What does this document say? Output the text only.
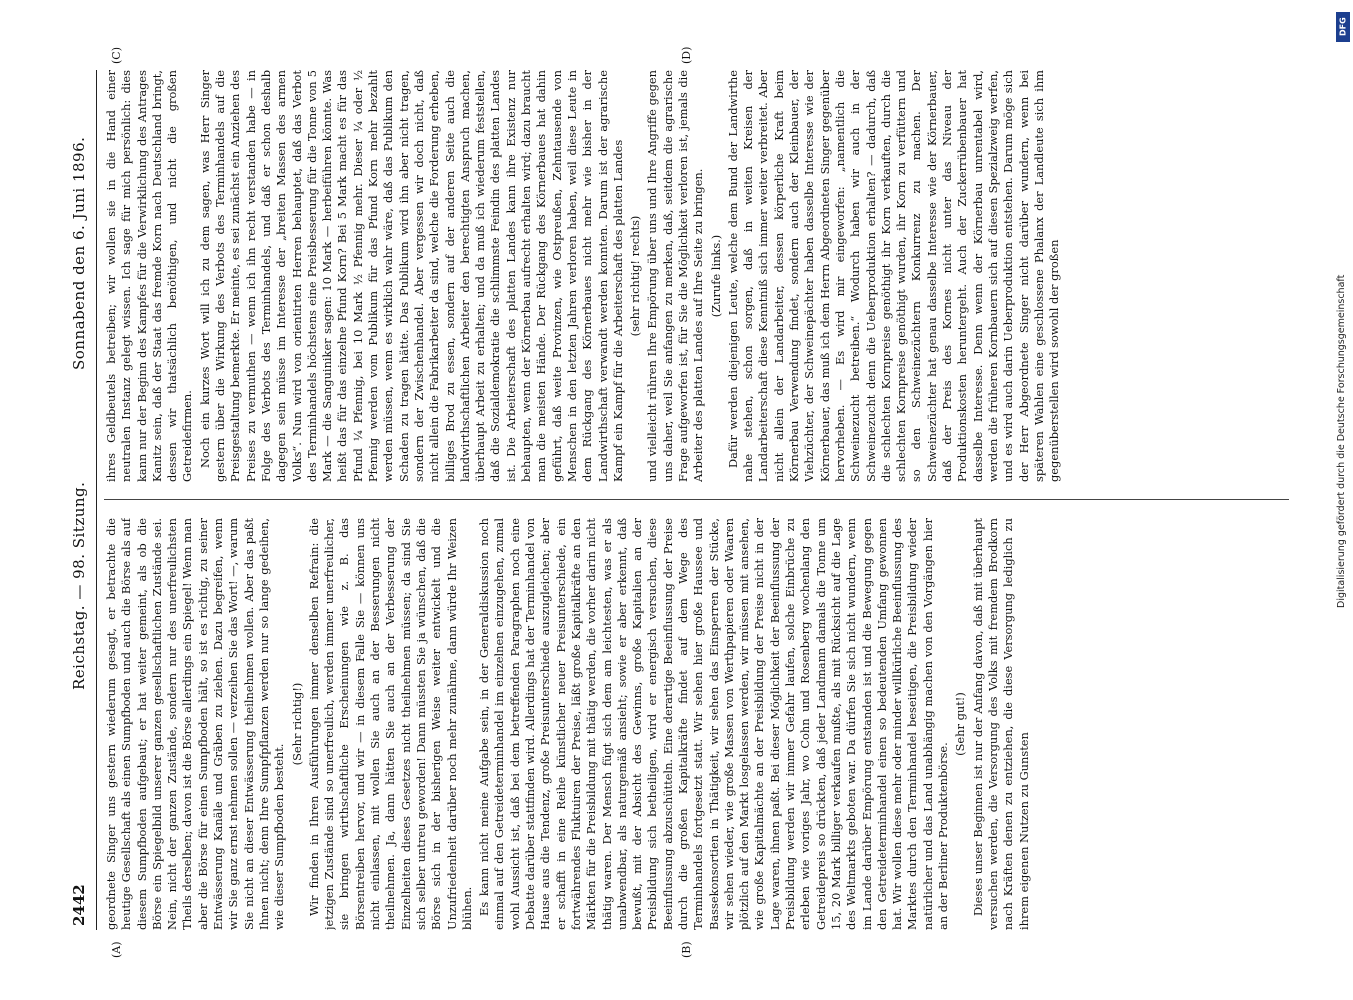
2442
Reichstag. — 98. Sitzung.
Sonnabend den 6. Juni 1896.
(A)	(B)
(C)	(D)

geordnete Singer uns gestern wiederum gesagt, er betrachte die heutige Gesellschaft als einen Sumpfboden und auch die Börse als auf diesem Sumpfboden aufgebaut; er hat weiter gemeint, als ob die Börse ein Spiegelbild unserer ganzen gesellschaftlichen Zustände sei. Nein, nicht der ganzen Zustände, sondern nur des unerfreulichsten Theils derselben; davon ist die Börse allerdings ein Spiegel! Wenn man aber die Börse für einen Sumpfboden hält, so ist es richtig, zu seiner Entwässerung Kanäle und Gräben zu ziehen. Dazu begreifen, wenn wir Sie ganz ernst nehmen sollen — verzeihen Sie das Wort! —, warum Sie nicht an dieser Entwässerung theilnehmen wollen. Aber das paßt Ihnen nicht; denn Ihre Sumpfpflanzen werden nur so lange gedeihen, wie dieser Sumpfboden besteht.

(Sehr richtig!) Wir finden in Ihren Ausführungen immer denselben Refrain: die jetzigen Zustände sind so unerfreulich, werden immer unerfreulicher, sie bringen wirthschaftliche Erscheinungen wie z. B. das Börsentreiben hervor, und wir — in diesem Falle Sie — können uns nicht einlassen, mit wollen Sie auch an der Besserungen nicht theilnehmen. Ja, dann hätten Sie auch an der Verbesserung der Einzelheiten dieses Gesetzes nicht theilnehmen müssen; da sind Sie sich selber untreu geworden! Dann müssten Sie ja wünschen, daß die Börse sich in der bisherigen Weise weiter entwickelt und die Unzufriedenheit darüber noch mehr zunähme, dann würde Ihr Weizen blühen. Es kann nicht meine Aufgabe sein, in der Generaldiskussion noch einmal auf den Getreideterminhandel im einzelnen einzugehen, zumal wohl Aussicht ist, daß bei dem betreffenden Paragraphen noch eine Debatte darüber stattfinden wird. Allerdings hat der Terminhandel von Hause aus die Tendenz, große Preisunterschiede auszugleichen; aber er schafft in eine Reihe künstlicher neuer Preisunterschiede, ein fortwährendes Fluktuiren der Preise, läßt große Kapitalkräfte an den Märkten für die Preisbildung mit thätig werden, die vorher darin nicht thätig waren. Der Mensch fügt sich dem am leichtesten, was er als unabwendbar, als naturgemäß ansieht; sowie er aber erkennt, daß bewußt, mit der Absicht des Gewinns, große Kapitalien an der Preisbildung sich betheiligen, wird er energisch versuchen, diese Beeinflussung abzuschütteln. Eine derartige Beeinflussung der Preise durch die großen Kapitalkräfte findet auf dem Wege des Terminhandels fortgesetzt statt. Wir sehen hier große Haussee und Bassekonsortien in Thätigkeit, wir sehen das Einsperren der Stücke, wir sehen wieder, wie große Massen von Werthpapieren oder Waaren plötzlich auf den Markt losgelassen werden, wir müssen mit ansehen, wie große Kapitalmächte an der Preisbildung der Preise nicht in der Lage waren, ihnen paßt. Bei dieser Möglichkeit der Beeinflussung der Preisbildung werden wir immer Gefahr laufen, solche Einbrüche zu erleben wie voriges Jahr, wo Cohn und Rosenberg wochenlang den Getreidepreis so drückten, daß jeder Landmann damals die Tonne um 15, 20 Mark billiger verkaufen mußte, als mit Rücksicht auf die Lage des Weltmarkts geboten war. Da dürfen Sie sich nicht wundern, wenn im Lande darüber Empörung entstanden ist und die Bewegung gegen den Getreideterminhandel einen so bedeutenden Umfang gewonnen hat. Wir wollen diese mehr oder minder willkürliche Beeinflussung des Marktes durch den Terminhandel beseitigen, die Preisbildung wieder natürlicher und das Land unabhängig machen von den Vorgängen hier an der Berliner Produktenbörse.

(Sehr gut!) Dieses unser Beginnen ist nur der Anfang davon, daß mit überhaupt versuchen werden, die Versorgung des Volks mit fremdem Brodkorn nach Kräften denen zu entziehen, die diese Versorgung lediglich zu ihrem eigenen Nutzen zu Gunsten

ihres Geldbeutels betreiben; wir wollen sie in die Hand einer neutralen Instanz gelegt wissen. Ich sage für mich persönlich: dies kann nur der Beginn des Kampfes für die Verwirklichung des Antrages Kanitz sein, daß der Staat das fremde Korn nach Deutschland bringt, dessen wir thatsächlich benöthigen, und nicht die großen Getreidefirmen. Noch ein kurzes Wort will ich zu dem sagen, was Herr Singer gestern über die Wirkung des Verbots des Terminhandels auf die Preisgestaltung bemerkte. Er meinte, es sei zunächst ein Anziehen des Preises zu vermuthen — wenn ich ihn recht verstanden habe — in Folge des Verbots des Terminhandels, und daß er schon deshalb dagegen sein müsse im Interesse der „breiten Massen des armen Volks“. Nun wird von orientirten Herren behauptet, daß das Verbot des Terminhandels höchstens eine Preisbesserung für die Tonne von 5 Mark — die Sanguiniker sagen: 10 Mark — herbeiführen könnte. Was heißt das für das einzelne Pfund Korn? Bei 5 Mark macht es für das Pfund ¼ Pfennig, bei 10 Mark ½ Pfennig mehr. Dieser ¼ oder ½ Pfennig werden vom Publikum für das Pfund Korn mehr bezahlt werden müssen, wenn es wirklich wahr wäre, daß das Publikum den Schaden zu tragen hätte. Das Publikum wird ihn aber nicht tragen, sondern der Zwischenhandel. Aber vergessen wir doch nicht, daß nicht allein die Fabrikarbeiter da sind, welche die Forderung erheben, billiges Brod zu essen, sondern auf der anderen Seite auch die landwirthschaftlichen Arbeiter den berechtigten Anspruch machen, überhaupt Arbeit zu erhalten; und da muß ich wiederum feststellen, daß die Sozialdemokratie die schlimmste Feindin des platten Landes ist. Die Arbeiterschaft des platten Landes kann ihre Existenz nur behaupten, wenn der Körnerbau aufrecht erhalten wird; dazu braucht man die meisten Hände. Der Rückgang des Körnerbaues hat dahin geführt, daß weite Provinzen, wie Ostpreußen, Zehntausende von Menschen in den letzten Jahren verloren haben, weil diese Leute in dem Rückgang des Körnerbaues nicht mehr wie bisher in der Landwirthschaft verwandt werden konnten. Darum ist der agrarische Kampf ein Kampf für die Arbeiterschaft des platten Landes (sehr richtig! rechts) und vielleicht rühren Ihre Empörung über uns und Ihre Angriffe gegen uns daher, weil Sie anfangen zu merken, daß, seitdem die agrarische Frage aufgeworfen ist, für Sie die Möglichkeit verloren ist, jemals die Arbeiter des platten Landes auf Ihre Seite zu bringen. (Zurufe links.) Dafür werden diejenigen Leute, welche dem Bund der Landwirthe nahe stehen, schon sorgen, daß in weiten Kreisen der Landarbeiterschaft diese Kenntniß sich immer weiter verbreitet. Aber nicht allein der Landarbeiter, dessen körperliche Kraft beim Körnerbau Verwendung findet, sondern auch der Kleinbauer, der Viehzüchter, der Schweinepächter haben dasselbe Interesse wie der Körnerbauer, das muß ich dem Herrn Abgeordneten Singer gegenüber hervorheben. — Es wird mir eingeworfen: „namentlich die Schweinezucht betreiben.“ Wodurch haben wir auch in der Schweinezucht denn die Ueberproduktion erhalten? — dadurch, daß die schlechten Kornpreise genöthigt ihr Korn verkauften, durch die schlechten Kornpreise genöthigt wurden, ihr Korn zu verfüttern und so den Schweinezüchtern Konkurrenz zu machen. Der Schweinezüchter hat genau dasselbe Interesse wie der Körnerbauer, daß der Preis des Kornes nicht unter das Niveau der Produktionskosten heruntergeht. Auch der Zuckerrübenbauer hat dasselbe Interesse. Denn wenn der Körnerbau unrentabel wird, werden die früheren Kornbauern sich auf diesen Spezialzweig werfen, und es wird auch darin Ueberproduktion entstehen. Darum möge sich der Herr Abgeordnete Singer nicht darüber wundern, wenn bei späteren Wahlen eine geschlossene Phalanx der Landleute sich ihm gegenüberstellen wird sowohl der großen

DFG
Digitalisierung gefördert durch die Deutsche Forschungsgemeinschaft
